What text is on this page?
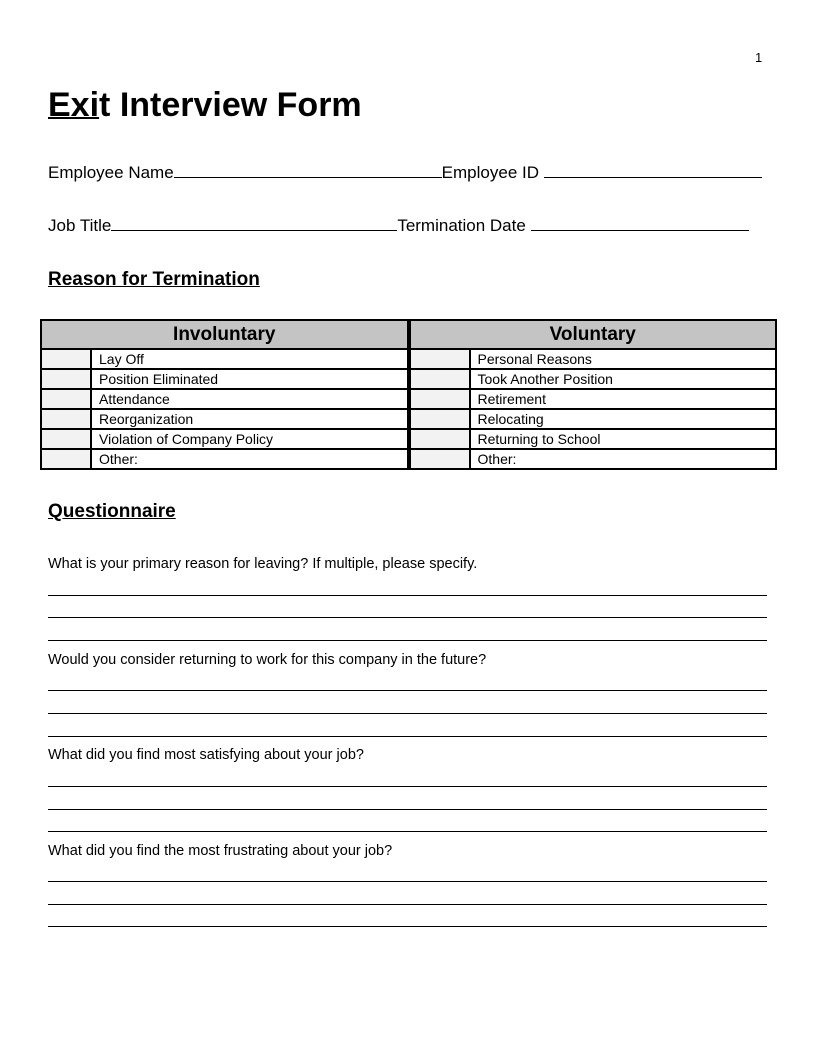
1
Exit Interview Form
Employee Name	Employee ID
Job Title	Termination Date
Reason for Termination
Involuntary	
	Lay Off
	Position Eliminated
	Attendance
	Reorganization
	Violation of Company Policy
	Other:
Voluntary	
	Personal Reasons
	Took Another Position
	Retirement
	Relocating
	Returning to School
	Other:
Questionnaire
What is your primary reason for leaving? If multiple, please specify.
Would you consider returning to work for this company in the future?
What did you find most satisfying about your job?
What did you find the most frustrating about your job?
